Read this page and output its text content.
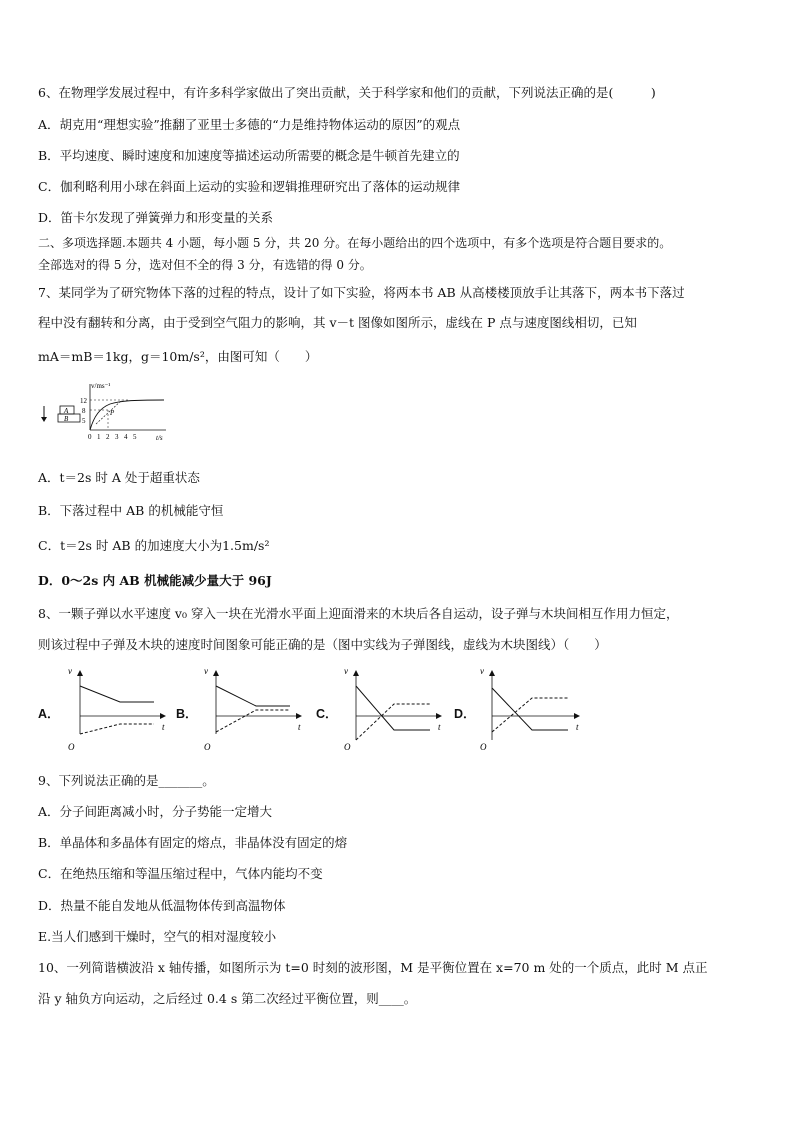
6、在物理学发展过程中，有许多科学家做出了突出贡献，关于科学家和他们的贡献，下列说法正确的是(　　　)
A．胡克用“理想实验”推翻了亚里士多德的“力是维持物体运动的原因”的观点
B．平均速度、瞬时速度和加速度等描述运动所需要的概念是牛顿首先建立的
C．伽利略利用小球在斜面上运动的实验和逻辑推理研究出了落体的运动规律
D．笛卡尔发现了弹簧弹力和形变量的关系
二、多项选择题.本题共 4 小题，每小题 5 分，共 20 分。在每小题给出的四个选项中，有多个选项是符合题目要求的。
全部选对的得 5 分，选对但不全的得 3 分，有选错的得 0 分。
7、某同学为了研究物体下落的过程的特点，设计了如下实验，将两本书 AB 从高楼楼顶放手让其落下，两本书下落过
程中没有翻转和分离，由于受到空气阻力的影响，其 v－t 图像如图所示，虚线在 P 点与速度图线相切，已知
mA＝mB＝1kg，g＝10m/s²，由图可知（　　）
A
B
v/ms⁻¹
t/s
12
8
5
0 1 2 3 4 5
P
A．t＝2s 时 A 处于超重状态
B．下落过程中 AB 的机械能守恒
C．t＝2s 时 AB 的加速度大小为1.5m/s²
D．0～2s 内 AB 机械能减少量大于 96J
8、一颗子弹以水平速度 v₀ 穿入一块在光滑水平面上迎面滑来的木块后各自运动，设子弹与木块间相互作用力恒定，
则该过程中子弹及木块的速度时间图象可能正确的是（图中实线为子弹图线，虚线为木块图线）（　　）
A．
v
t
O
B．
v
t
O
C．
v
t
O
D．
v
t
O
9、下列说法正确的是_______。
A．分子间距离减小时，分子势能一定增大
B．单晶体和多晶体有固定的熔点，非晶体没有固定的熔
C．在绝热压缩和等温压缩过程中，气体内能均不变
D．热量不能自发地从低温物体传到高温物体
E.当人们感到干燥时，空气的相对湿度较小
10、一列简谐横波沿 x 轴传播，如图所示为 t=0 时刻的波形图，M 是平衡位置在 x=70 m 处的一个质点，此时 M 点正
沿 y 轴负方向运动，之后经过 0.4 s 第二次经过平衡位置，则____。
